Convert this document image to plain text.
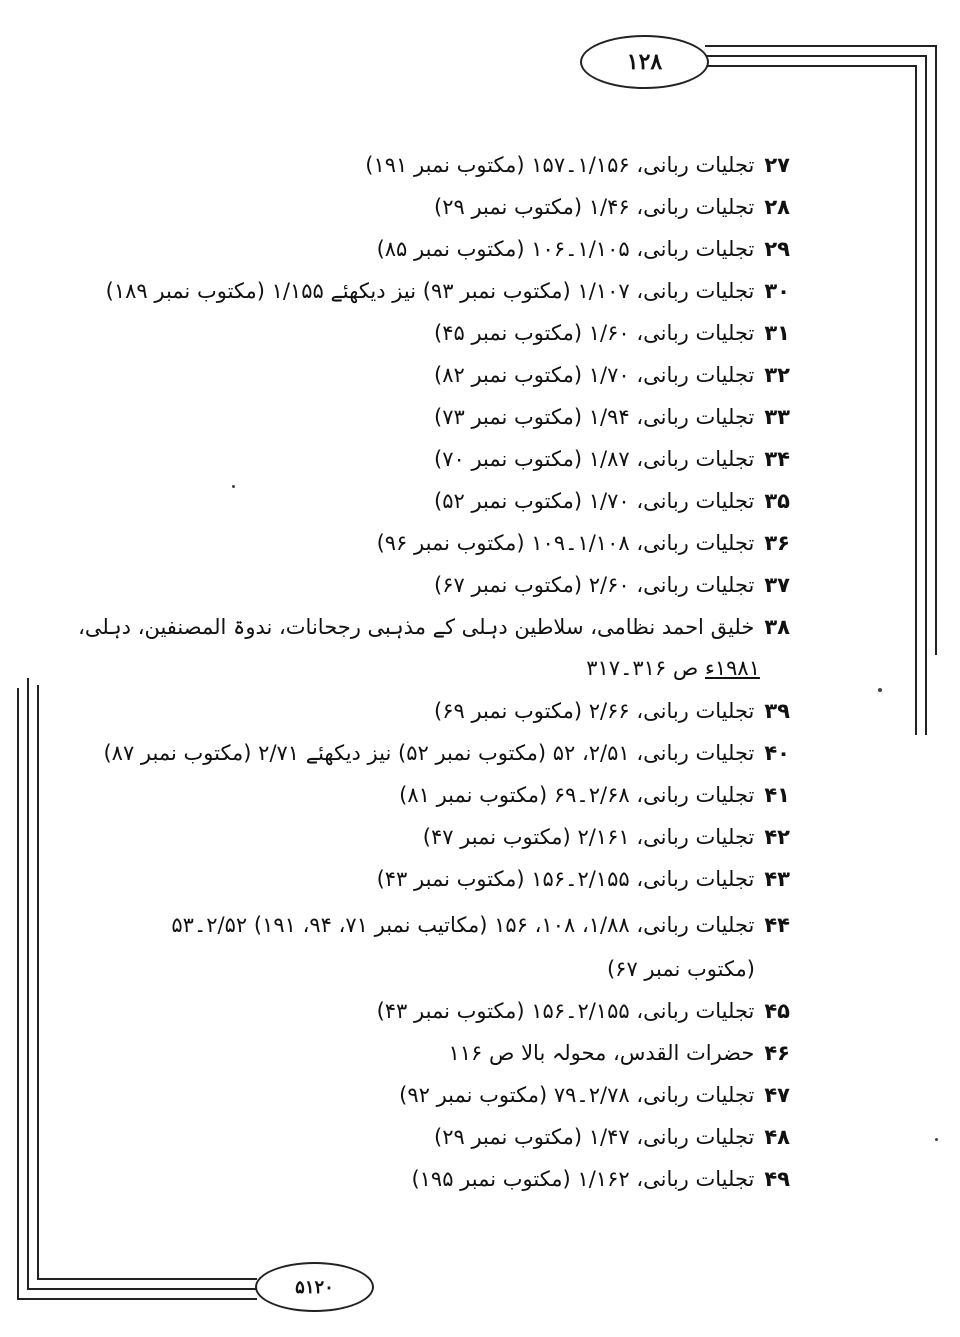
۱۲۸
۵۱۲۰
۲۷تجلیات ربانی، ۱/۱۵۶۔۱۵۷ (مکتوب نمبر ۱۹۱)
۲۸تجلیات ربانی، ۱/۴۶ (مکتوب نمبر ۲۹)
۲۹تجلیات ربانی، ۱/۱۰۵۔۱۰۶ (مکتوب نمبر ۸۵)
۳۰تجلیات ربانی، ۱/۱۰۷ (مکتوب نمبر ۹۳) نیز دیکھئے ۱/۱۵۵ (مکتوب نمبر ۱۸۹)
۳۱تجلیات ربانی، ۱/۶۰ (مکتوب نمبر ۴۵)
۳۲تجلیات ربانی، ۱/۷۰ (مکتوب نمبر ۸۲)
۳۳تجلیات ربانی، ۱/۹۴ (مکتوب نمبر ۷۳)
۳۴تجلیات ربانی، ۱/۸۷ (مکتوب نمبر ۷۰)
۳۵تجلیات ربانی، ۱/۷۰ (مکتوب نمبر ۵۲)
۳۶تجلیات ربانی، ۱/۱۰۸۔۱۰۹ (مکتوب نمبر ۹۶)
۳۷تجلیات ربانی، ۲/۶۰ (مکتوب نمبر ۶۷)
۳۸خلیق احمد نظامی، سلاطین دہلی کے مذہبی رجحانات، ندوۃ المصنفین، دہلی،
۱۹۸۱ء ص ۳۱۶۔۳۱۷
۳۹تجلیات ربانی، ۲/۶۶ (مکتوب نمبر ۶۹)
۴۰تجلیات ربانی، ۲/۵۱، ۵۲ (مکتوب نمبر ۵۲) نیز دیکھئے ۲/۷۱ (مکتوب نمبر ۸۷)
۴۱تجلیات ربانی، ۲/۶۸۔۶۹ (مکتوب نمبر ۸۱)
۴۲تجلیات ربانی، ۲/۱۶۱ (مکتوب نمبر ۴۷)
۴۳تجلیات ربانی، ۲/۱۵۵۔۱۵۶ (مکتوب نمبر ۴۳)
۴۴تجلیات ربانی، ۱/۸۸، ۱۰۸، ۱۵۶ (مکاتیب نمبر ۷۱، ۹۴، ۱۹۱) ۲/۵۲۔۵۳
(مکتوب نمبر ۶۷)
۴۵تجلیات ربانی، ۲/۱۵۵۔۱۵۶ (مکتوب نمبر ۴۳)
۴۶حضرات القدس، محولہ بالا ص ۱۱۶
۴۷تجلیات ربانی، ۲/۷۸۔۷۹ (مکتوب نمبر ۹۲)
۴۸تجلیات ربانی، ۱/۴۷ (مکتوب نمبر ۲۹)
۴۹تجلیات ربانی، ۱/۱۶۲ (مکتوب نمبر ۱۹۵)
